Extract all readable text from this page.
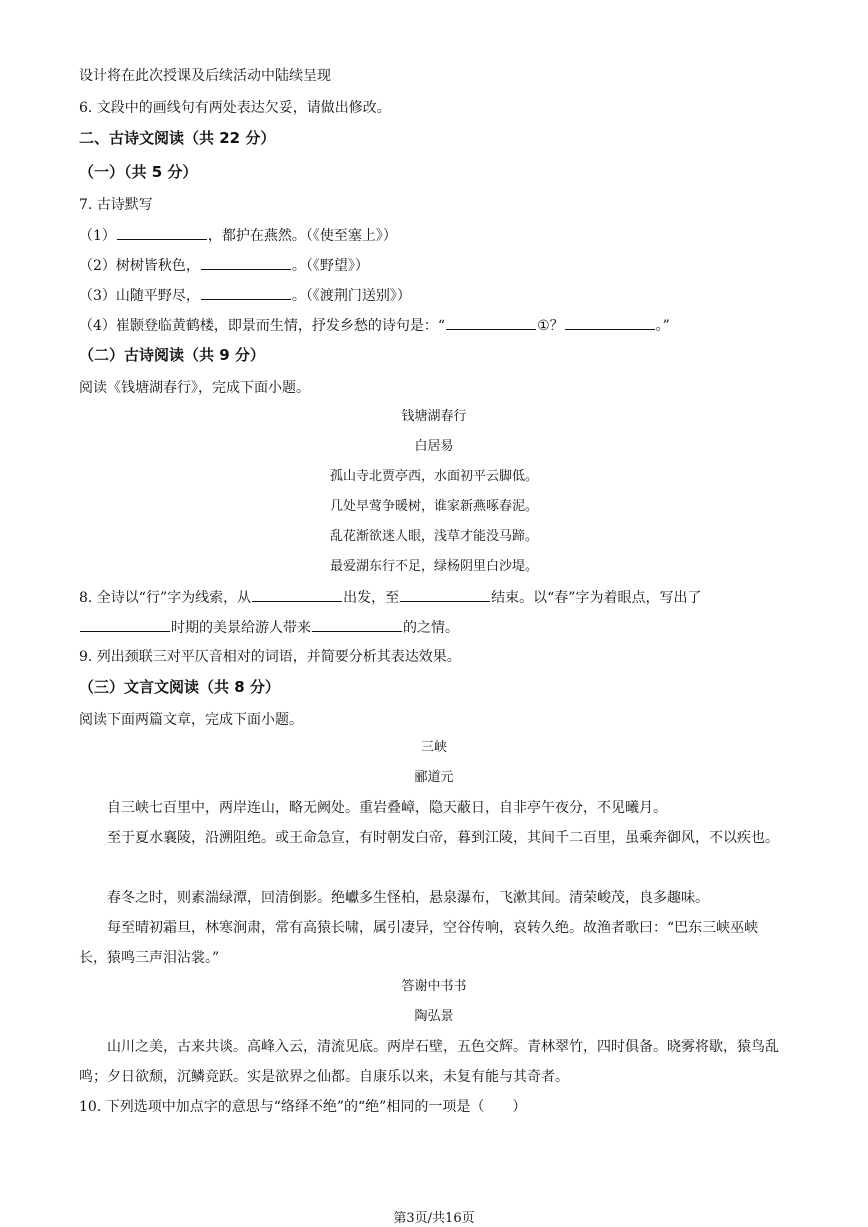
设计将在此次授课及后续活动中陆续呈现
6. 文段中的画线句有两处表达欠妥，请做出修改。
二、古诗文阅读（共 22 分）
（一）（共 5 分）
7. 古诗默写
（1）	，都护在燕然。（《使至塞上》）
（2）树树皆秋色，	。（《野望》）
（3）山随平野尽，	。（《渡荆门送别》）
（4）崔颢登临黄鹤楼，即景而生情，抒发乡愁的诗句是：“	①？	。”
（二）古诗阅读（共 9 分）
阅读《钱塘湖春行》，完成下面小题。
钱塘湖春行
白居易
孤山寺北贾亭西，水面初平云脚低。
几处早莺争暖树，谁家新燕啄春泥。
乱花渐欲迷人眼，浅草才能没马蹄。
最爱湖东行不足，绿杨阴里白沙堤。
8. 全诗以“行”字为线索，从	出发，至	结束。以“春”字为着眼点，写出了
时期的美景给游人带来	的之情。
9. 列出颈联三对平仄音相对的词语，并简要分析其表达效果。
（三）文言文阅读（共 8 分）
阅读下面两篇文章，完成下面小题。
三峡
郦道元
自三峡七百里中，两岸连山，略无阙处。重岩叠嶂，隐天蔽日，自非亭午夜分，不见曦月。
至于夏水襄陵，沿溯阻绝。或王命急宣，有时朝发白帝，暮到江陵，其间千二百里，虽乘奔御风，不以疾也。
春冬之时，则素湍绿潭，回清倒影。绝巘多生怪柏，悬泉瀑布，飞漱其间。清荣峻茂，良多趣味。
每至晴初霜旦，林寒涧肃，常有高猿长啸，属引凄异，空谷传响，哀转久绝。故渔者歌曰：“巴东三峡巫峡长，猿鸣三声泪沾裳。”
答谢中书书
陶弘景
山川之美，古来共谈。高峰入云，清流见底。两岸石壁，五色交辉。青林翠竹，四时俱备。晓雾将歇，猿鸟乱鸣；夕日欲颓，沉鳞竞跃。实是欲界之仙都。自康乐以来，未复有能与其奇者。
10. 下列选项中加点字的意思与“络绎不绝”的“绝”相同的一项是（　　）
第3页/共16页
